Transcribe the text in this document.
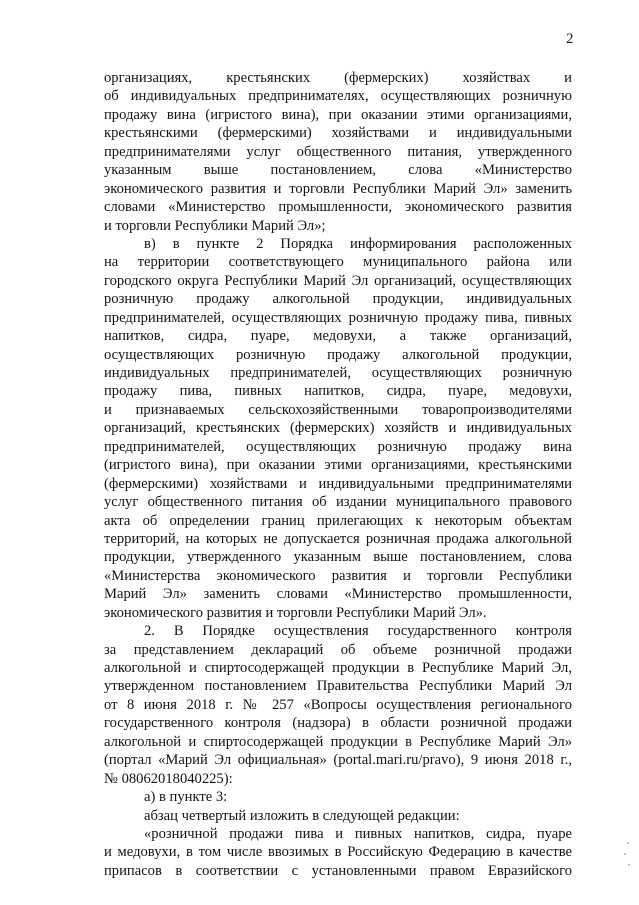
2
организациях, крестьянских (фермерских) хозяйствах и
об индивидуальных предпринимателях, осуществляющих розничную
продажу вина (игристого вина), при оказании этими организациями,
крестьянскими (фермерскими) хозяйствами и индивидуальными
предпринимателями услуг общественного питания, утвержденного
указанным выше постановлением, слова «Министерство
экономического развития и торговли Республики Марий Эл» заменить
словами «Министерство промышленности, экономического развития
и торговли Республики Марий Эл»;
в) в пункте 2 Порядка информирования расположенных
на территории соответствующего муниципального района или
городского округа Республики Марий Эл организаций, осуществляющих
розничную продажу алкогольной продукции, индивидуальных
предпринимателей, осуществляющих розничную продажу пива, пивных
напитков, сидра, пуаре, медовухи, а также организаций,
осуществляющих розничную продажу алкогольной продукции,
индивидуальных предпринимателей, осуществляющих розничную
продажу пива, пивных напитков, сидра, пуаре, медовухи,
и признаваемых сельскохозяйственными товаропроизводителями
организаций, крестьянских (фермерских) хозяйств и индивидуальных
предпринимателей, осуществляющих розничную продажу вина
(игристого вина), при оказании этими организациями, крестьянскими
(фермерскими) хозяйствами и индивидуальными предпринимателями
услуг общественного питания об издании муниципального правового
акта об определении границ прилегающих к некоторым объектам
территорий, на которых не допускается розничная продажа алкогольной
продукции, утвержденного указанным выше постановлением, слова
«Министерства экономического развития и торговли Республики
Марий Эл» заменить словами «Министерство промышленности,
экономического развития и торговли Республики Марий Эл».
2. В Порядке осуществления государственного контроля
за представлением деклараций об объеме розничной продажи
алкогольной и спиртосодержащей продукции в Республике Марий Эл,
утвержденном постановлением Правительства Республики Марий Эл
от 8 июня 2018 г. № 257 «Вопросы осуществления регионального
государственного контроля (надзора) в области розничной продажи
алкогольной и спиртосодержащей продукции в Республике Марий Эл»
(портал «Марий Эл официальная» (portal.mari.ru/pravo), 9 июня 2018 г.,
№ 08062018040225):
а) в пункте 3:
абзац четвертый изложить в следующей редакции:
«розничной продажи пива и пивных напитков, сидра, пуаре
и медовухи, в том числе ввозимых в Российскую Федерацию в качестве
припасов в соответствии с установленными правом Евразийского
